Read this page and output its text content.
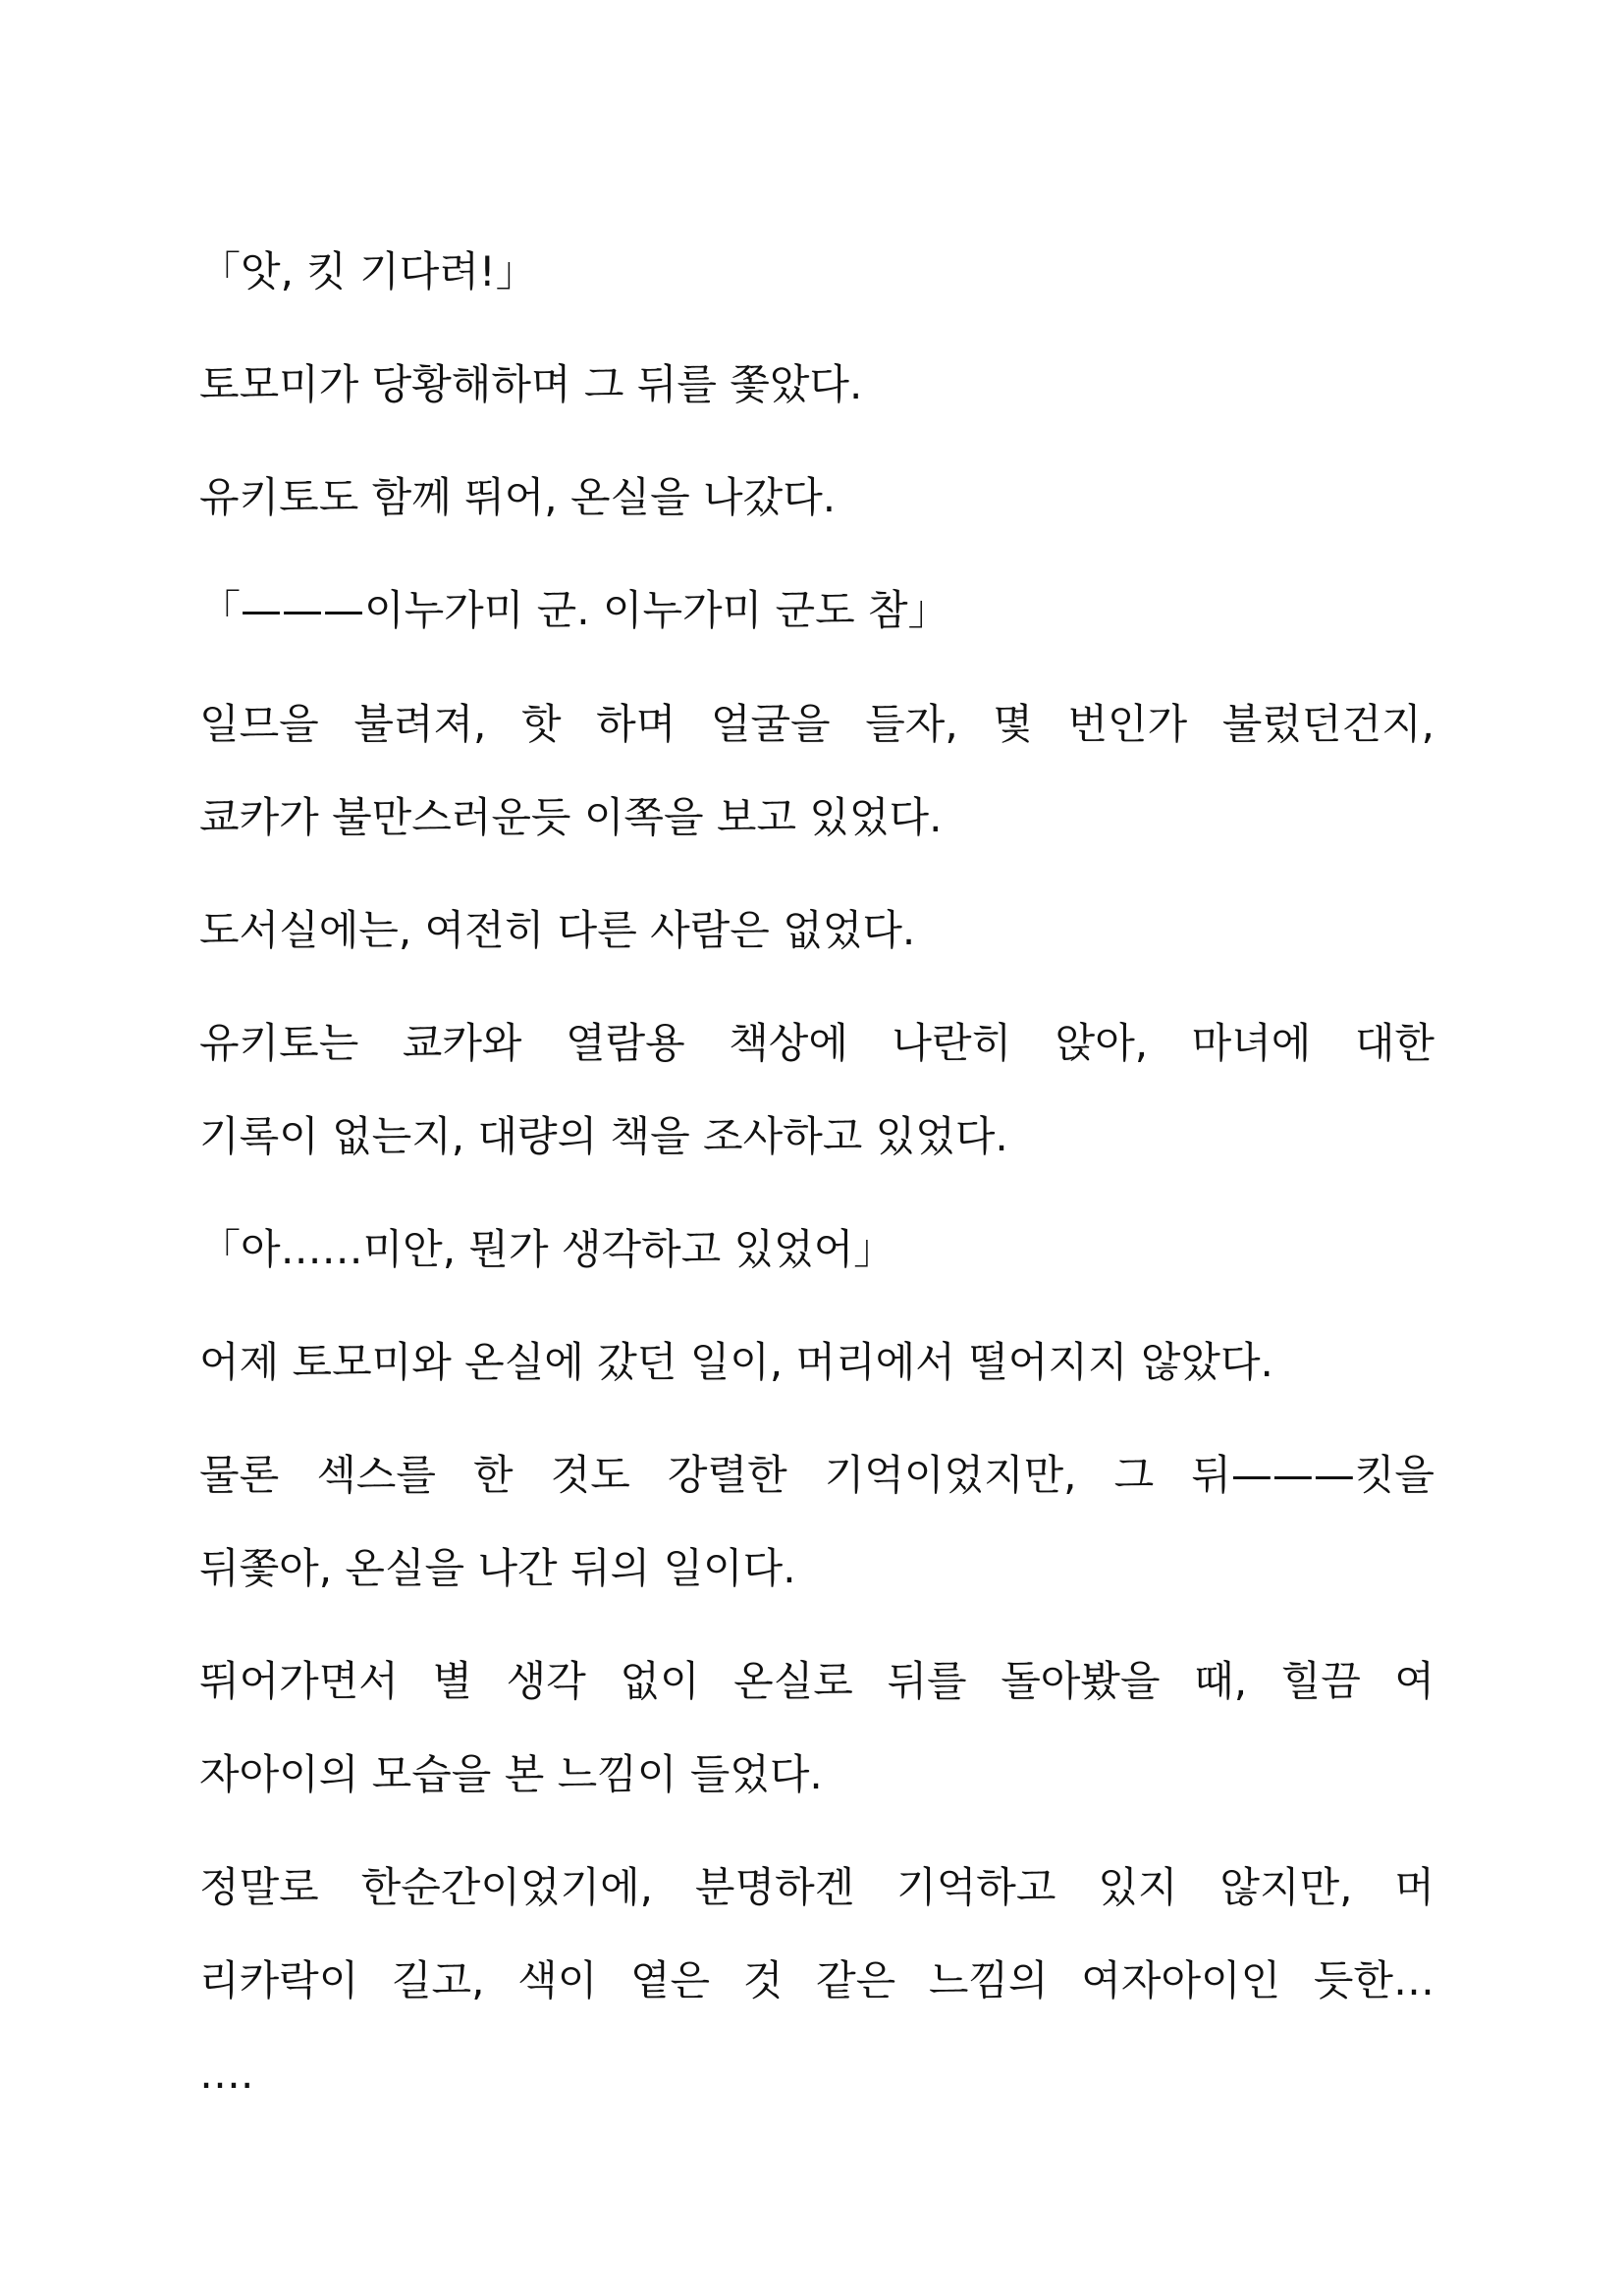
「앗, 킷 기다려!」

토모미가 당황해하며 그 뒤를 쫓았다.

유키토도 함께 뛰어, 온실을 나갔다.

「———이누가미 군. 이누가미 군도 참」

일므을 불려져, 핫 하며 얼굴을 들자, 몇 번인가 불렀던건지,

쿄카가 불만스러운듯 이쪽을 보고 있었다.

도서실에는, 여전히 다른 사람은 없었다.

유키토는 쿄카와 열람용 책상에 나란히 앉아, 마녀에 대한

기록이 없는지, 대량의 책을 조사하고 있었다.

「아……미안, 뭔가 생각하고 있었어」

어제 토모미와 온실에 갔던 일이, 머리에서 떨어지지 않았다.

물론 섹스를 한 것도 강렬한 기억이었지만, 그 뒤———킷을

뒤쫓아, 온실을 나간 뒤의 일이다.

뛰어가면서 별 생각 없이 온실로 뒤를 돌아봤을 때, 힐끔 여

자아이의 모습을 본 느낌이 들었다.

정말로 한순간이었기에, 분명하겐 기억하고 있지 않지만, 머

리카락이 길고, 색이 옅은 것 같은 느낌의 여자아이인 듯한…

….
